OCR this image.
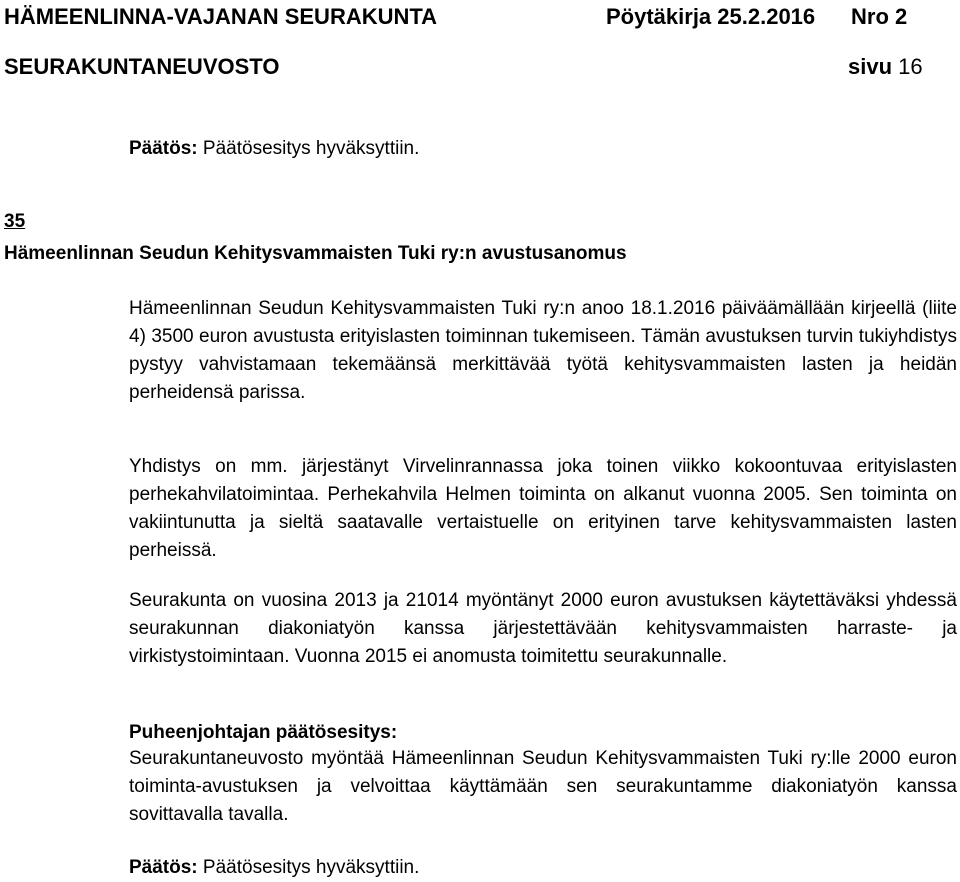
HÄMEENLINNA-VAJANAN SEURAKUNTA	Pöytäkirja 25.2.2016 Nro 2
SEURAKUNTANEUVOSTO	sivu 16
Päätös: Päätösesitys hyväksyttiin.
35
Hämeenlinnan Seudun Kehitysvammaisten Tuki ry:n avustusanomus

Hämeenlinnan Seudun Kehitysvammaisten Tuki ry:n anoo 18.1.2016 päiväämällään kirjeellä (liite 4) 3500 euron avustusta erityislasten toiminnan tukemiseen. Tämän avustuksen turvin tukiyhdistys pystyy vahvistamaan tekemäänsä merkittävää työtä kehitysvammaisten lasten ja heidän perheidensä parissa.

Yhdistys on mm. järjestänyt Virvelinrannassa joka toinen viikko kokoontuvaa erityislasten perhekahvilatoimintaa. Perhekahvila Helmen toiminta on alkanut vuonna 2005. Sen toiminta on vakiintunutta ja sieltä saatavalle vertaistuelle on erityinen tarve kehitysvammaisten lasten perheissä.

Seurakunta on vuosina 2013 ja 21014 myöntänyt 2000 euron avustuksen käytettäväksi yhdessä seurakunnan diakoniatyön kanssa järjestettävään kehitysvammaisten harraste- ja virkistystoimintaan. Vuonna 2015 ei anomusta toimitettu seurakunnalle.

Puheenjohtajan päätösesitys:

Seurakuntaneuvosto myöntää Hämeenlinnan Seudun Kehitysvammaisten Tuki ry:lle 2000 euron toiminta-avustuksen ja velvoittaa käyttämään sen seurakuntamme diakoniatyön kanssa sovittavalla tavalla.

Päätös: Päätösesitys hyväksyttiin.
